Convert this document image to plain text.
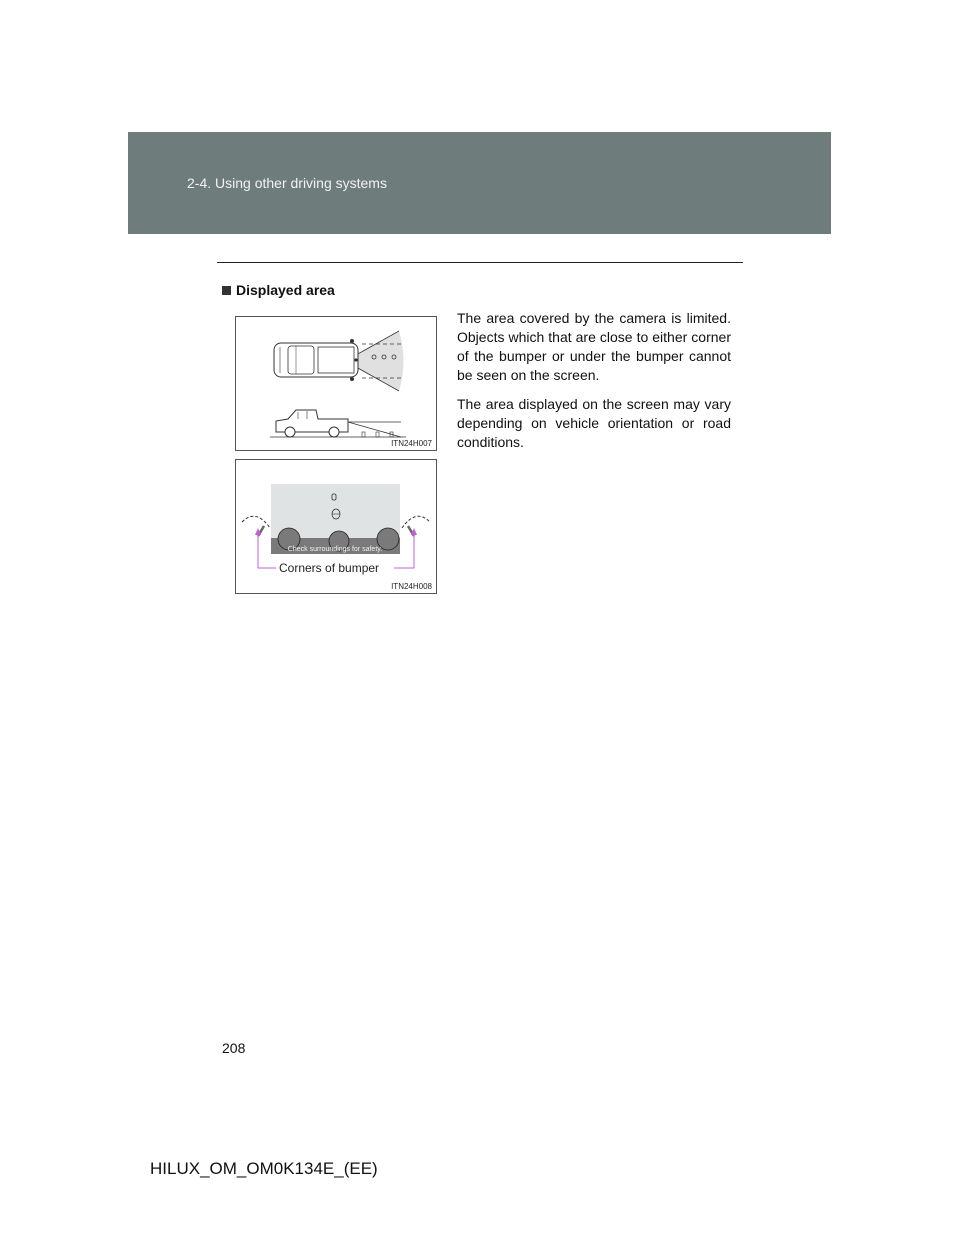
2-4. Using other driving systems
Displayed area

The area covered by the camera is limited. Objects which that are close to either corner of the bumper or under the bumper cannot be seen on the screen.

The area displayed on the screen may vary depending on vehicle orientation or road conditions.

ITN24H007
Check surroundings for safety.
ITN24H008
Corners of bumper
208
HILUX_OM_OM0K134E_(EE)
